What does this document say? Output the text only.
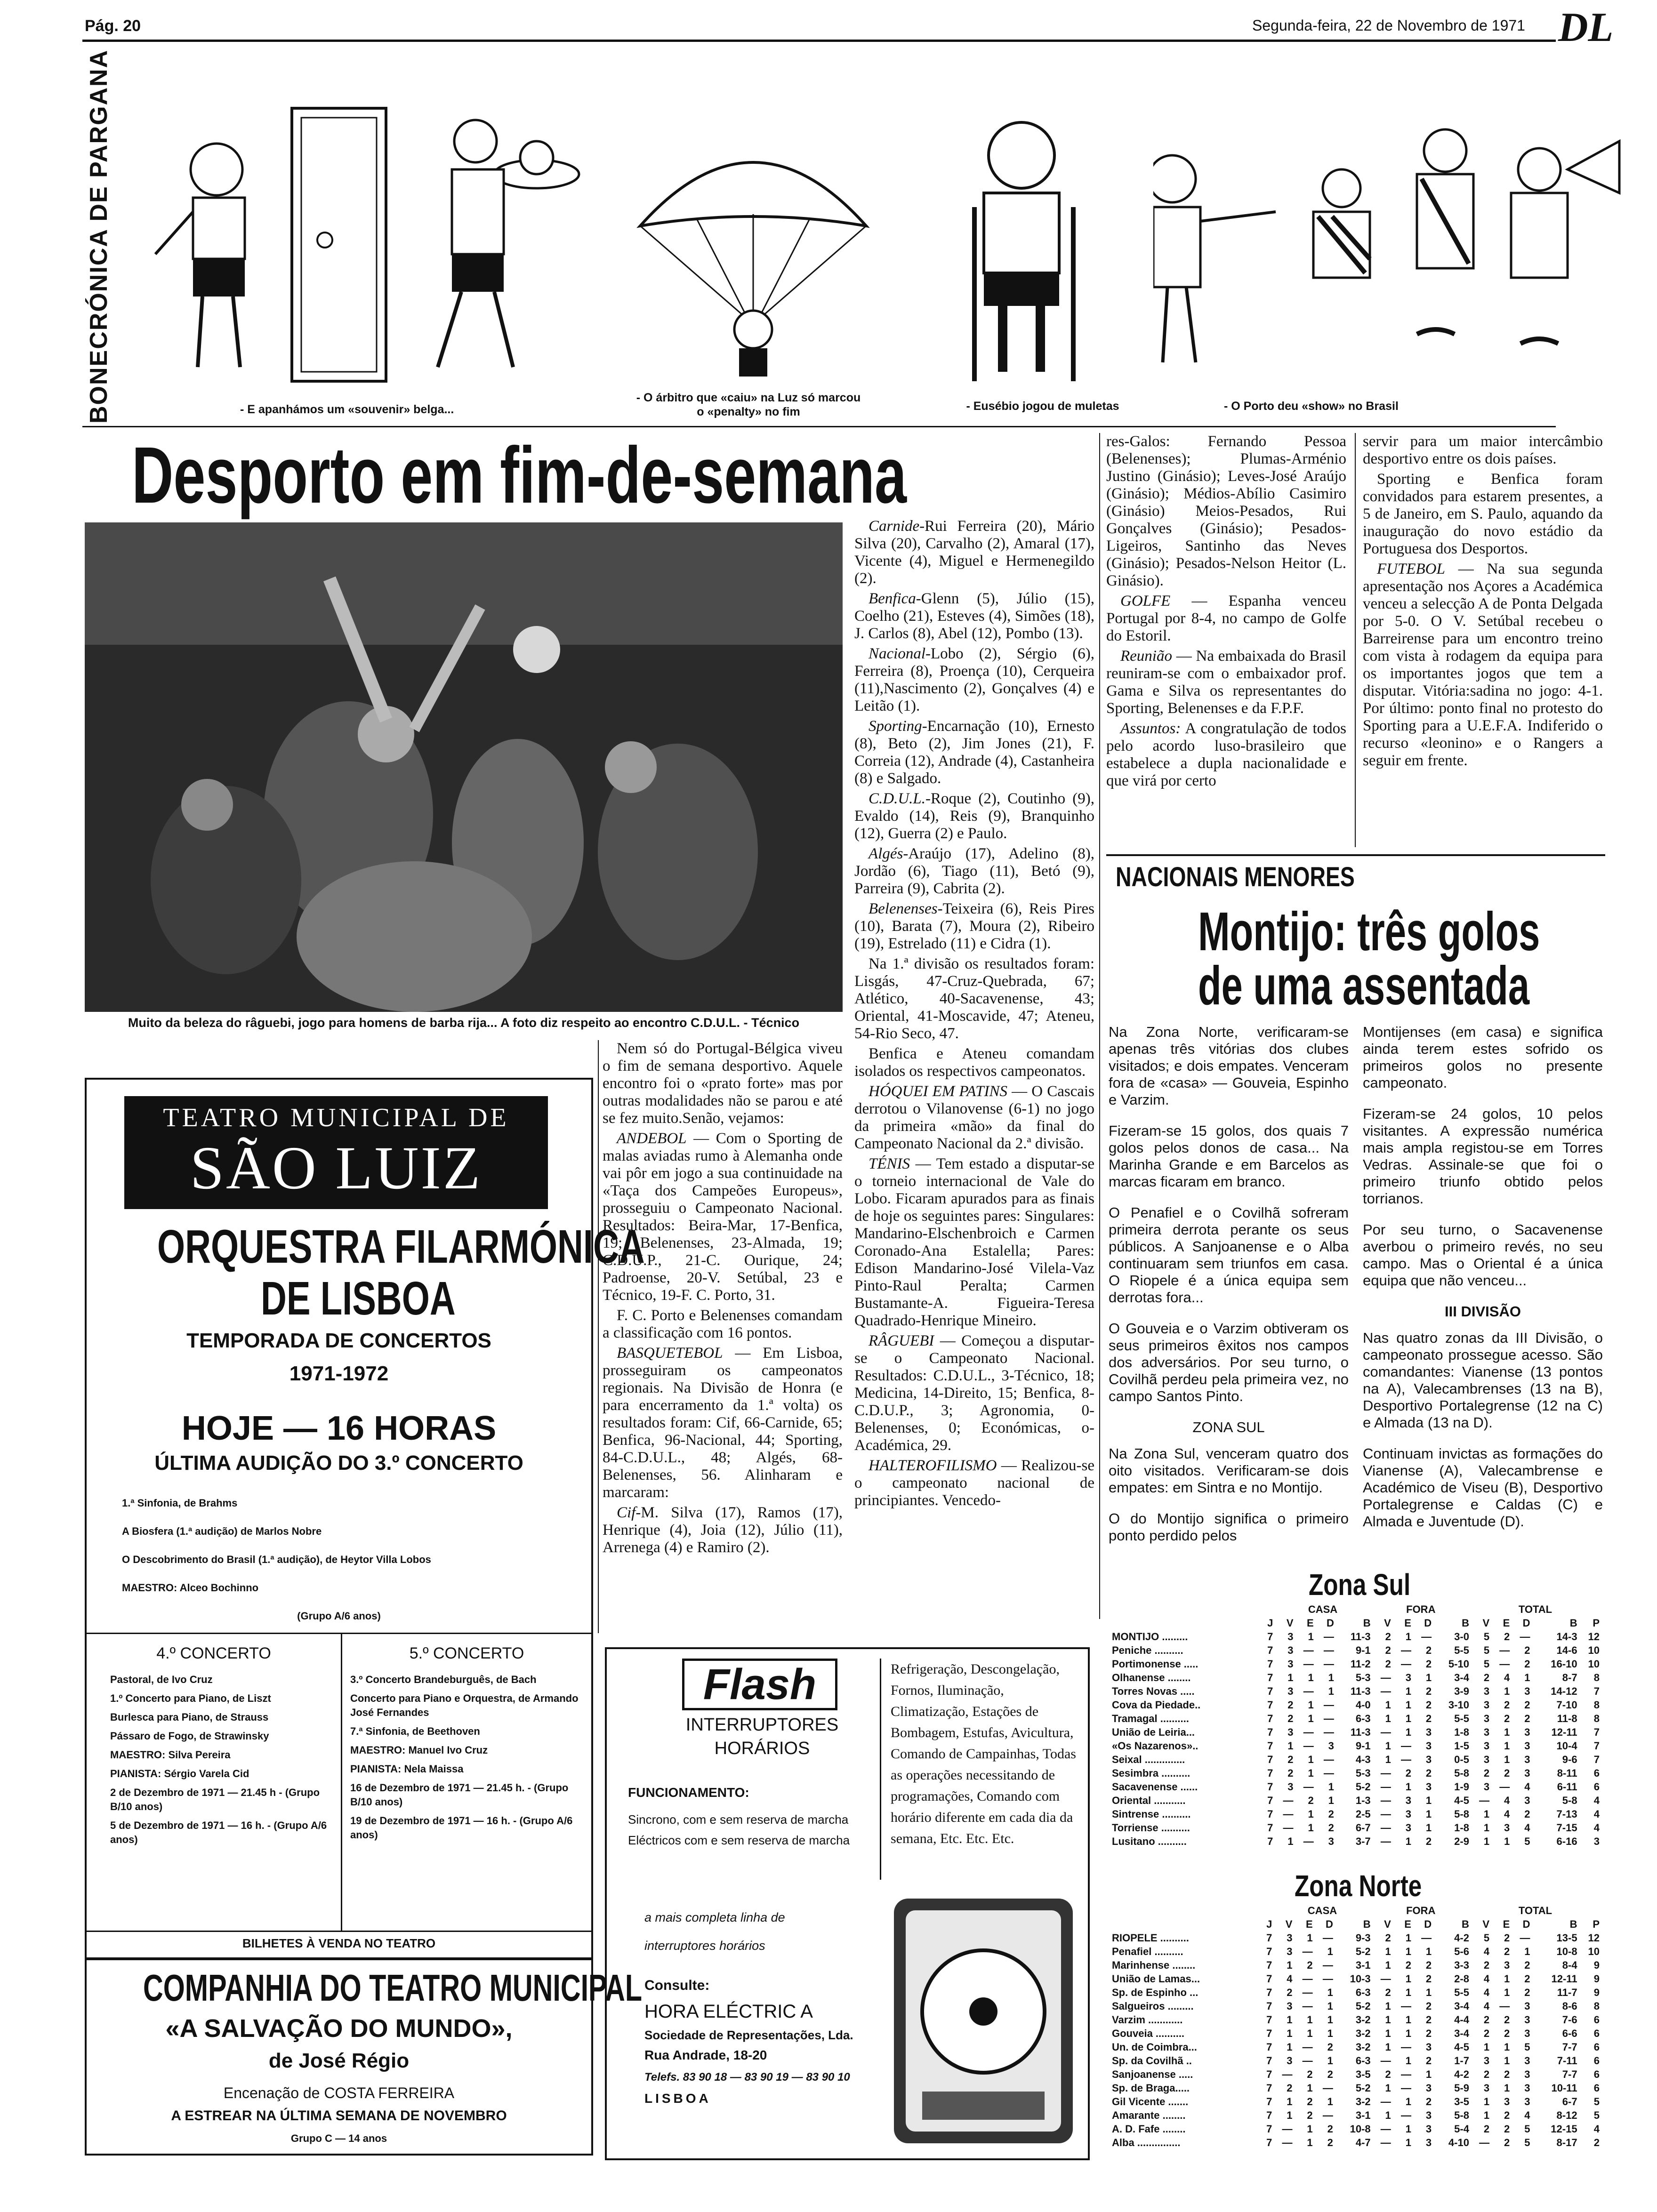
Pág. 20	Segunda-feira, 22 de Novembro de 1971 DL
BONECRÓNICA DE PARGANA	- E apanhámos um «souvenir» belga...
- O árbitro que «caiu» na Luz só marcou o «penalty» no fim	- Eusébio jogou de muletas	- O Porto deu «show» no Brasil
Desporto em fim-de-semana
Muito da beleza do râguebi, jogo para homens de barba rija... A foto diz respeito ao encontro C.D.U.L. - Técnico

Carnide-Rui Ferreira (20), Mário Silva (20), Carvalho (2), Amaral (17), Vicente (4), Miguel e Hermenegildo (2).

Benfica-Glenn (5), Júlio (15), Coelho (21), Esteves (4), Simões (18), J. Carlos (8), Abel (12), Pombo (13).

Nacional-Lobo (2), Sérgio (6), Ferreira (8), Proença (10), Cerqueira (11),Nascimento (2), Gonçalves (4) e Leitão (1).

Sporting-Encarnação (10), Ernesto (8), Beto (2), Jim Jones (21), F. Correia (12), Andrade (4), Castanheira (8) e Salgado.

C.D.U.L.-Roque (2), Coutinho (9), Evaldo (14), Reis (9), Branquinho (12), Guerra (2) e Paulo.

Algés-Araújo (17), Adelino (8), Jordão (6), Tiago (11), Betó (9), Parreira (9), Cabrita (2).

Belenenses-Teixeira (6), Reis Pires (10), Barata (7), Moura (2), Ribeiro (19), Estrelado (11) e Cidra (1).

Na 1.ª divisão os resultados foram: Lisgás, 47-Cruz-Quebrada, 67; Atlético, 40-Sacavenense, 43; Oriental, 41-Moscavide, 47; Ateneu, 54-Rio Seco, 47.

Benfica e Ateneu comandam isolados os respectivos campeonatos.

HÓQUEI EM PATINS — O Cascais derrotou o Vilanovense (6-1) no jogo da primeira «mão» da final do Campeonato Nacional da 2.ª divisão.

TÉNIS — Tem estado a disputar-se o torneio internacional de Vale do Lobo. Ficaram apurados para as finais de hoje os seguintes pares: Singulares: Mandarino-Elschenbroich e Carmen Coronado-Ana Estalella; Pares: Edison Mandarino-José Vilela-Vaz Pinto-Raul Peralta; Carmen Bustamante-A. Figueira-Teresa Quadrado-Henrique Mineiro.

RÂGUEBI — Começou a disputar-se o Campeonato Nacional. Resultados: C.D.U.L., 3-Técnico, 18; Medicina, 14-Direito, 15; Benfica, 8-C.D.U.P., 3; Agronomia, 0-Belenenses, 0; Económicas, o-Académica, 29.

HALTEROFILISMO — Realizou-se o campeonato nacional de principiantes. Vencedo-

Nem só do Portugal-Bélgica viveu o fim de semana desportivo. Aquele encontro foi o «prato forte» mas por outras modalidades não se parou e até se fez muito.Senão, vejamos:

ANDEBOL — Com o Sporting de malas aviadas rumo à Alemanha onde vai pôr em jogo a sua continuidade na «Taça dos Campeões Europeus», prosseguiu o Campeonato Nacional. Resultados: Beira-Mar, 17-Benfica, 19; Belenenses, 23-Almada, 19; C.D.U.P., 21-C. Ourique, 24; Padroense, 20-V. Setúbal, 23 e Técnico, 19-F. C. Porto, 31.

F. C. Porto e Belenenses comandam a classificação com 16 pontos.

BASQUETEBOL — Em Lisboa, prosseguiram os campeonatos regionais. Na Divisão de Honra (e para encerramento da 1.ª volta) os resultados foram: Cif, 66-Carnide, 65; Benfica, 96-Nacional, 44; Sporting, 84-C.D.U.L., 48; Algés, 68-Belenenses, 56. Alinharam e marcaram:

Cif-M. Silva (17), Ramos (17), Henrique (4), Joia (12), Júlio (11), Arrenega (4) e Ramiro (2).

res-Galos: Fernando Pessoa (Belenenses); Plumas-Arménio Justino (Ginásio); Leves-José Araújo (Ginásio); Médios-Abílio Casimiro (Ginásio) Meios-Pesados, Rui Gonçalves (Ginásio); Pesados-Ligeiros, Santinho das Neves (Ginásio); Pesados-Nelson Heitor (L. Ginásio).

GOLFE — Espanha venceu Portugal por 8-4, no campo de Golfe do Estoril.

Reunião — Na embaixada do Brasil reuniram-se com o embaixador prof. Gama e Silva os representantes do Sporting, Belenenses e da F.P.F.

Assuntos: A congratulação de todos pelo acordo luso-brasileiro que estabelece a dupla nacionalidade e que virá por certo

servir para um maior intercâmbio desportivo entre os dois países.

Sporting e Benfica foram convidados para estarem presentes, a 5 de Janeiro, em S. Paulo, aquando da inauguração do novo estádio da Portuguesa dos Desportos.

FUTEBOL — Na sua segunda apresentação nos Açores a Académica venceu a selecção A de Ponta Delgada por 5-0. O V. Setúbal recebeu o Barreirense para um encontro treino com vista à rodagem da equipa para os importantes jogos que tem a disputar. Vitória:sadina no jogo: 4-1. Por último: ponto final no protesto do Sporting para a U.E.F.A. Indiferido o recurso «leonino» e o Rangers a seguir em frente.

NACIONAIS MENORES
Montijo: três golos
de uma assentada

Na Zona Norte, verificaram-se apenas três vitórias dos clubes visitados; e dois empates. Venceram fora de «casa» — Gouveia, Espinho e Varzim.

Fizeram-se 15 golos, dos quais 7 golos pelos donos de casa... Na Marinha Grande e em Barcelos as marcas ficaram em branco.

O Penafiel e o Covilhã sofreram primeira derrota perante os seus públicos. A Sanjoanense e o Alba continuaram sem triunfos em casa. O Riopele é a única equipa sem derrotas fora...

O Gouveia e o Varzim obtiveram os seus primeiros êxitos nos campos dos adversários. Por seu turno, o Covilhã perdeu pela primeira vez, no campo Santos Pinto.

ZONA SUL

Na Zona Sul, venceram quatro dos oito visitados. Verificaram-se dois empates: em Sintra e no Montijo.

O do Montijo significa o primeiro ponto perdido pelos

Montijenses (em casa) e significa ainda terem estes sofrido os primeiros golos no presente campeonato.

Fizeram-se 24 golos, 10 pelos visitantes. A expressão numérica mais ampla registou-se em Torres Vedras. Assinale-se que foi o primeiro triunfo obtido pelos torrianos.

Por seu turno, o Sacavenense averbou o primeiro revés, no seu campo. Mas o Oriental é a única equipa que não venceu...

III DIVISÃO

Nas quatro zonas da III Divisão, o campeonato prossegue acesso. São comandantes: Vianense (13 pontos na A), Valecambrenses (13 na B), Desportivo Portalegrense (12 na C) e Almada (13 na D).

Continuam invictas as formações do Vianense (A), Valecambrense e Académico de Viseu (B), Desportivo Portalegrense e Caldas (C) e Almada e Juventude (D).

Zona Sul
		CASA				FORA				TOTAL				
	J	V	E	D	B	V	E	D	B	V	E	D	B	P
MONTIJO .........	7	3	1	—	11-3	2	1	—	3-0	5	2	—	14-3	12
Peniche ..........	7	3	—	—	9-1	2	—	2	5-5	5	—	2	14-6	10
Portimonense .....	7	3	—	—	11-2	2	—	2	5-10	5	—	2	16-10	10
Olhanense ........	7	1	1	1	5-3	—	3	1	3-4	2	4	1	8-7	8
Torres Novas .....	7	3	—	1	11-3	—	1	2	3-9	3	1	3	14-12	7
Cova da Piedade..	7	2	1	—	4-0	1	1	2	3-10	3	2	2	7-10	8
Tramagal ..........	7	2	1	—	6-3	1	1	2	5-5	3	2	2	11-8	8
União de Leiria...	7	3	—	—	11-3	—	1	3	1-8	3	1	3	12-11	7
«Os Nazarenos»..	7	1	—	3	9-1	1	—	3	1-5	3	1	3	10-4	7
Seixal ..............	7	2	1	—	4-3	1	—	3	0-5	3	1	3	9-6	7
Sesimbra ..........	7	2	1	—	5-3	—	2	2	5-8	2	2	3	8-11	6
Sacavenense ......	7	3	—	1	5-2	—	1	3	1-9	3	—	4	6-11	6
Oriental ...........	7	—	2	1	1-3	—	3	1	4-5	—	4	3	5-8	4
Sintrense ..........	7	—	1	2	2-5	—	3	1	5-8	1	4	2	7-13	4
Torriense ..........	7	—	1	2	6-7	—	3	1	1-8	1	3	4	7-15	4
Lusitano ..........	7	1	—	3	3-7	—	1	2	2-9	1	1	5	6-16	3
Zona Norte
		CASA				FORA				TOTAL				
	J	V	E	D	B	V	E	D	B	V	E	D	B	P
RIOPELE ..........	7	3	1	—	9-3	2	1	—	4-2	5	2	—	13-5	12
Penafiel ..........	7	3	—	1	5-2	1	1	1	5-6	4	2	1	10-8	10
Marinhense ........	7	1	2	—	3-1	1	2	2	3-3	2	3	2	8-4	9
União de Lamas...	7	4	—	—	10-3	—	1	2	2-8	4	1	2	12-11	9
Sp. de Espinho ...	7	2	—	1	6-3	2	1	1	5-5	4	1	2	11-7	9
Salgueiros .........	7	3	—	1	5-2	1	—	2	3-4	4	—	3	8-6	8
Varzim ............	7	1	1	1	3-2	1	1	2	4-4	2	2	3	7-6	6
Gouveia ..........	7	1	1	1	3-2	1	1	2	3-4	2	2	3	6-6	6
Un. de Coimbra...	7	1	—	2	3-2	1	—	3	4-5	1	1	5	7-7	6
Sp. da Covilhã ..	7	3	—	1	6-3	—	1	2	1-7	3	1	3	7-11	6
Sanjoanense .....	7	—	2	2	3-5	2	—	1	4-2	2	2	3	7-7	6
Sp. de Braga.....	7	2	1	—	5-2	1	—	3	5-9	3	1	3	10-11	6
Gil Vicente .......	7	1	2	1	3-2	—	1	2	3-5	1	3	3	6-7	5
Amarante ........	7	1	2	—	3-1	1	—	3	5-8	1	2	4	8-12	5
A. D. Fafe ........	7	—	1	2	10-8	—	1	3	5-4	2	2	5	12-15	4
Alba ...............	7	—	1	2	4-7	—	1	3	4-10	—	2	5	8-17	2
TEATRO MUNICIPAL DE
SÃO LUIZ
ORQUESTRA FILARMÓNICA
DE LISBOA
TEMPORADA DE CONCERTOS
1971-1972
HOJE — 16 HORAS
ÚLTIMA AUDIÇÃO DO 3.º CONCERTO
1.ª Sinfonia, de Brahms
A Biosfera (1.ª audição) de Marlos Nobre
O Descobrimento do Brasil (1.ª audição), de Heytor Villa Lobos
MAESTRO: Alceo Bochinno
(Grupo A/6 anos)
4.º CONCERTO
Pastoral, de Ivo Cruz
1.º Concerto para Piano, de Liszt
Burlesca para Piano, de Strauss
Pássaro de Fogo, de Strawinsky
MAESTRO: Silva Pereira
PIANISTA: Sérgio Varela Cid
2 de Dezembro de 1971 — 21.45 h - (Grupo B/10 anos)
5 de Dezembro de 1971 — 16 h. - (Grupo A/6 anos)
5.º CONCERTO
3.º Concerto Brandeburguês, de Bach
Concerto para Piano e Orquestra, de Armando José Fernandes
7.ª Sinfonia, de Beethoven
MAESTRO: Manuel Ivo Cruz
PIANISTA: Nela Maissa
16 de Dezembro de 1971 — 21.45 h. - (Grupo B/10 anos)
19 de Dezembro de 1971 — 16 h. - (Grupo A/6 anos)
BILHETES À VENDA NO TEATRO
COMPANHIA DO TEATRO MUNICIPAL
«A SALVAÇÃO DO MUNDO»,
de José Régio
Encenação de COSTA FERREIRA
A ESTREAR NA ÚLTIMA SEMANA DE NOVEMBRO
Grupo C — 14 anos
Flash
INTERRUPTORES
HORÁRIOS
FUNCIONAMENTO:
Sincrono, com e sem reserva de marcha Eléctricos com e sem reserva de marcha
Refrigeração, Descongelação, Fornos, Iluminação, Climatização, Estações de Bombagem, Estufas, Avicultura, Comando de Campainhas, Todas as operações necessitando de programações, Comando com horário diferente em cada dia da semana, Etc. Etc. Etc.
a mais completa linha de interruptores horários
Consulte:
HORA ELÉCTRIC A
Sociedade de Representações, Lda.
Rua Andrade, 18-20
Telefs. 83 90 18 — 83 90 19 — 83 90 10
LISBOA
